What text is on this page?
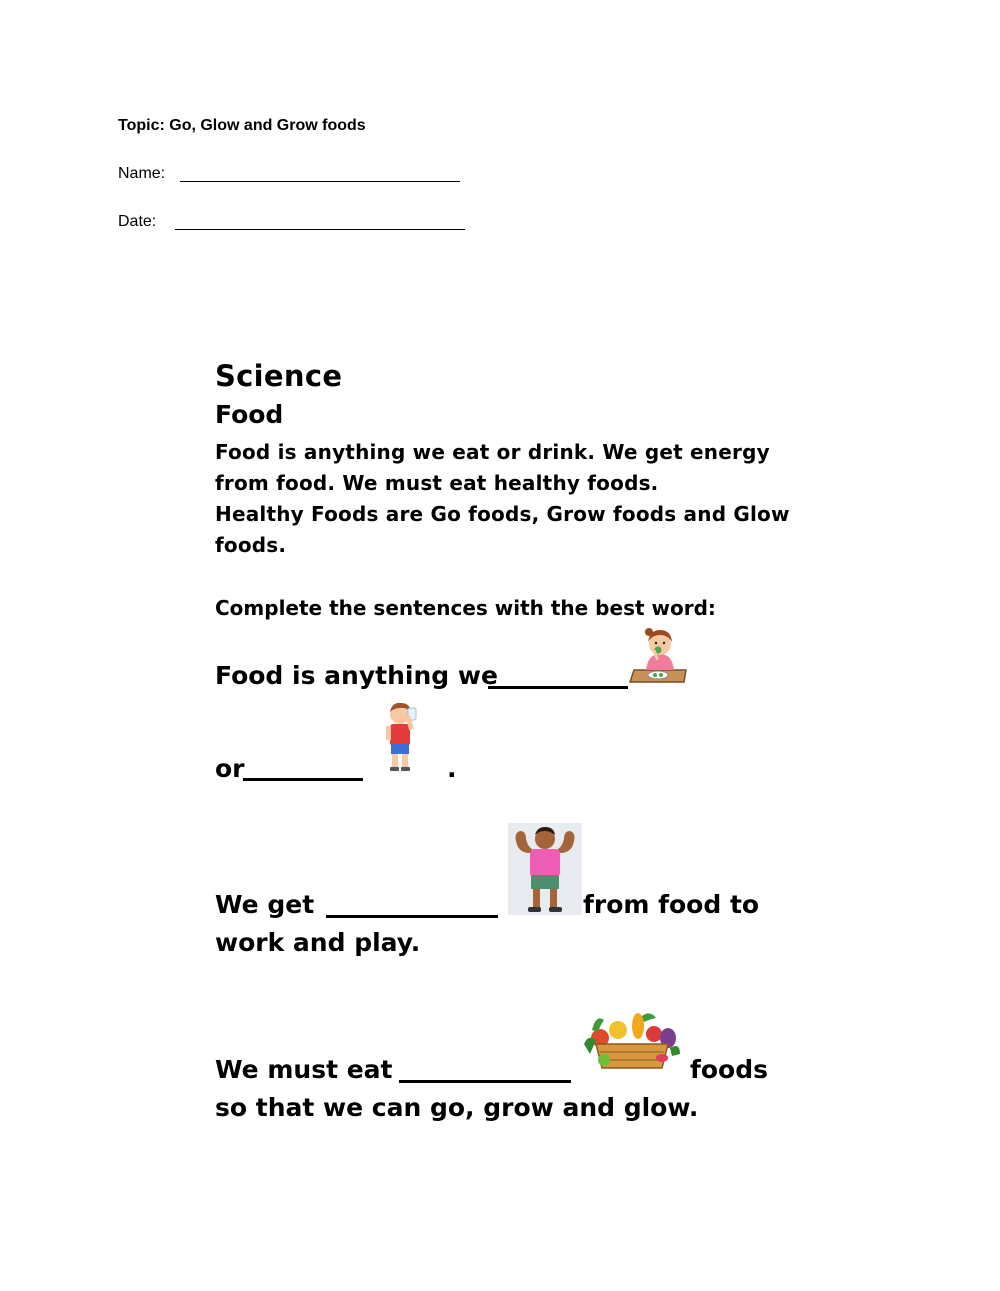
Topic: Go, Glow and Grow foods
Name:
Date:
Science
Food
Food is anything we eat or drink. We get energy
from food. We must eat healthy foods.
Healthy Foods are Go foods, Grow foods and Glow
foods.
Complete the sentences with the best word:
Food is anything we
or	.
We get	from food to
work and play.
We must eat	foods
so that we can go, grow and glow.
